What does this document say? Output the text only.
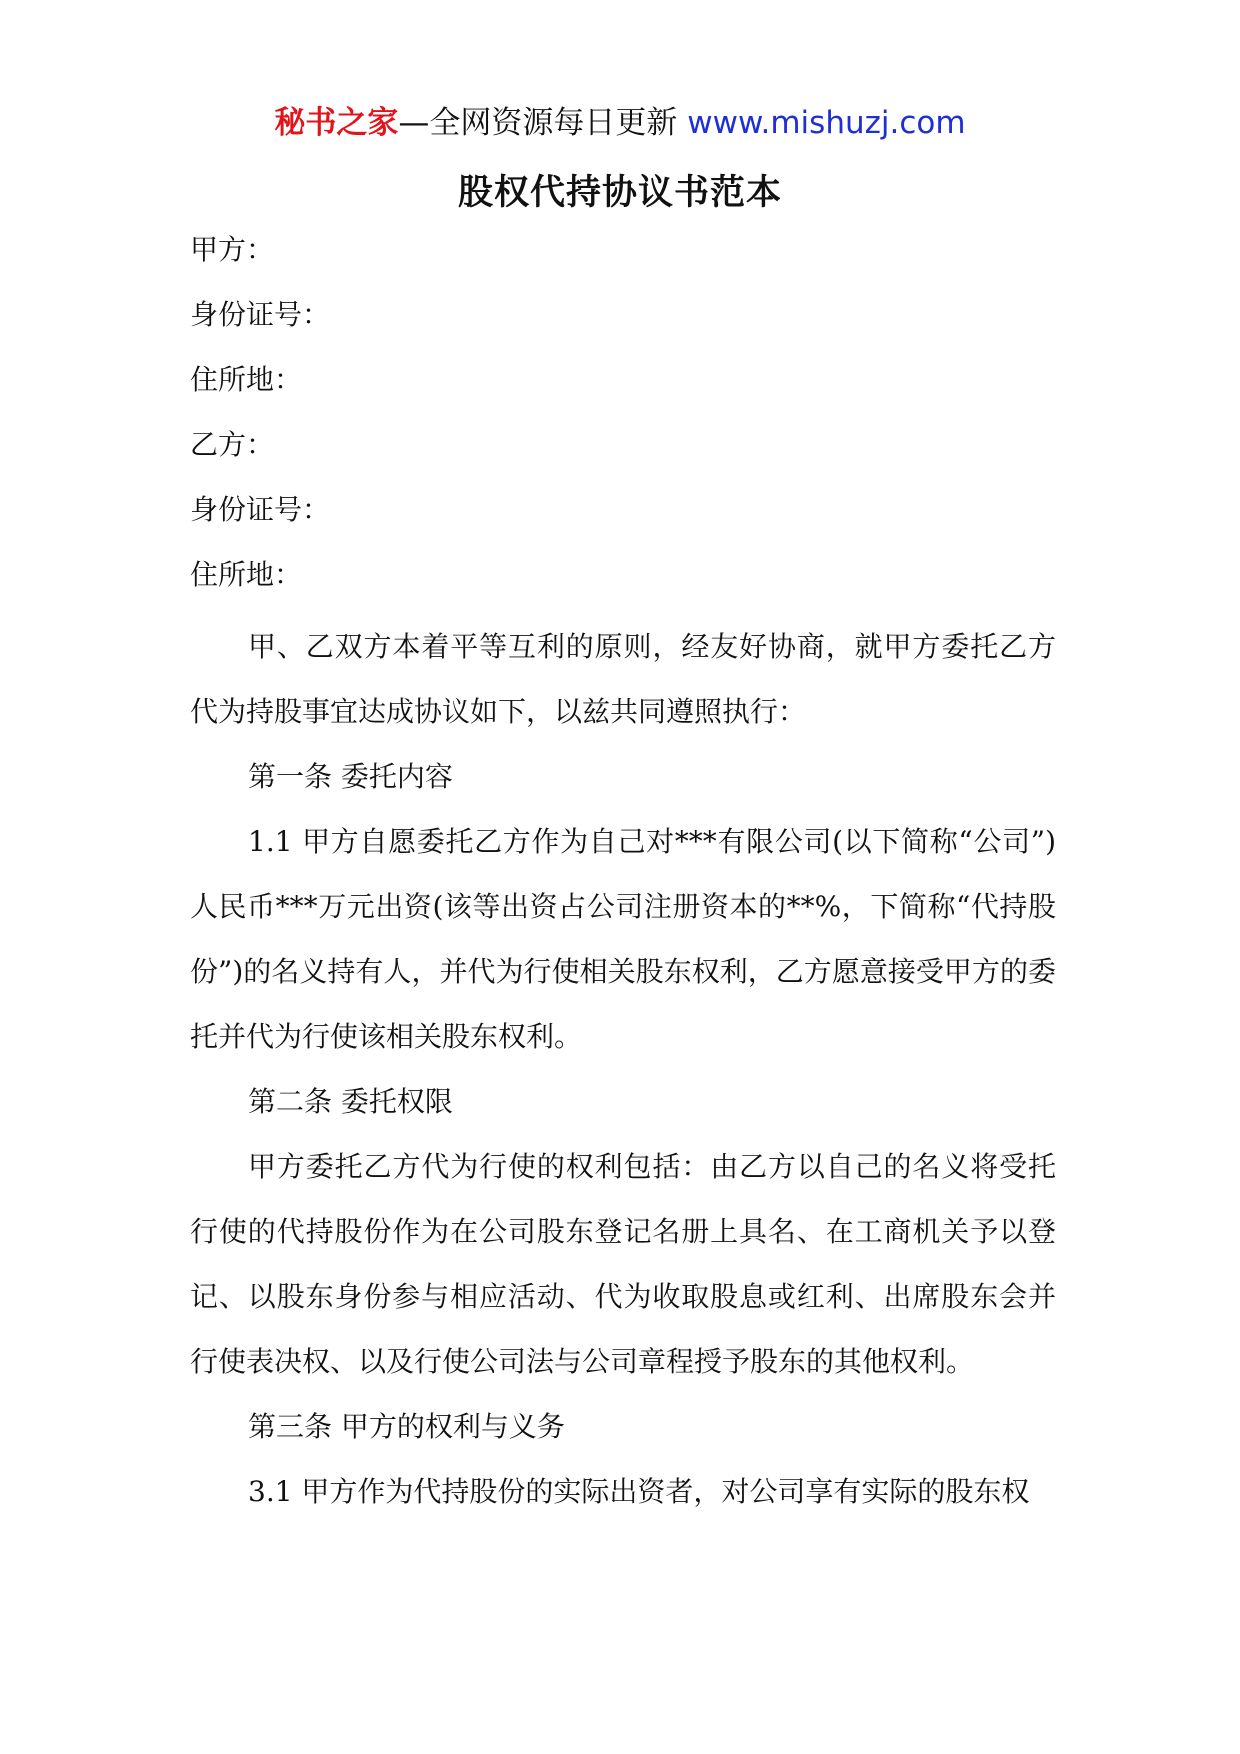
秘书之家—全网资源每日更新 www.mishuzj.com
股权代持协议书范本

甲方：

身份证号：

住所地：

乙方：

身份证号：

住所地：

甲、乙双方本着平等互利的原则，经友好协商，就甲方委托乙方代为持股事宜达成协议如下，以兹共同遵照执行：

第一条 委托内容

1.1 甲方自愿委托乙方作为自己对***有限公司(以下简称“公司”)人民币***万元出资(该等出资占公司注册资本的**%，下简称“代持股份”)的名义持有人，并代为行使相关股东权利，乙方愿意接受甲方的委托并代为行使该相关股东权利。

第二条 委托权限

甲方委托乙方代为行使的权利包括：由乙方以自己的名义将受托行使的代持股份作为在公司股东登记名册上具名、在工商机关予以登记、以股东身份参与相应活动、代为收取股息或红利、出席股东会并行使表决权、以及行使公司法与公司章程授予股东的其他权利。

第三条 甲方的权利与义务

3.1 甲方作为代持股份的实际出资者，对公司享有实际的股东权
